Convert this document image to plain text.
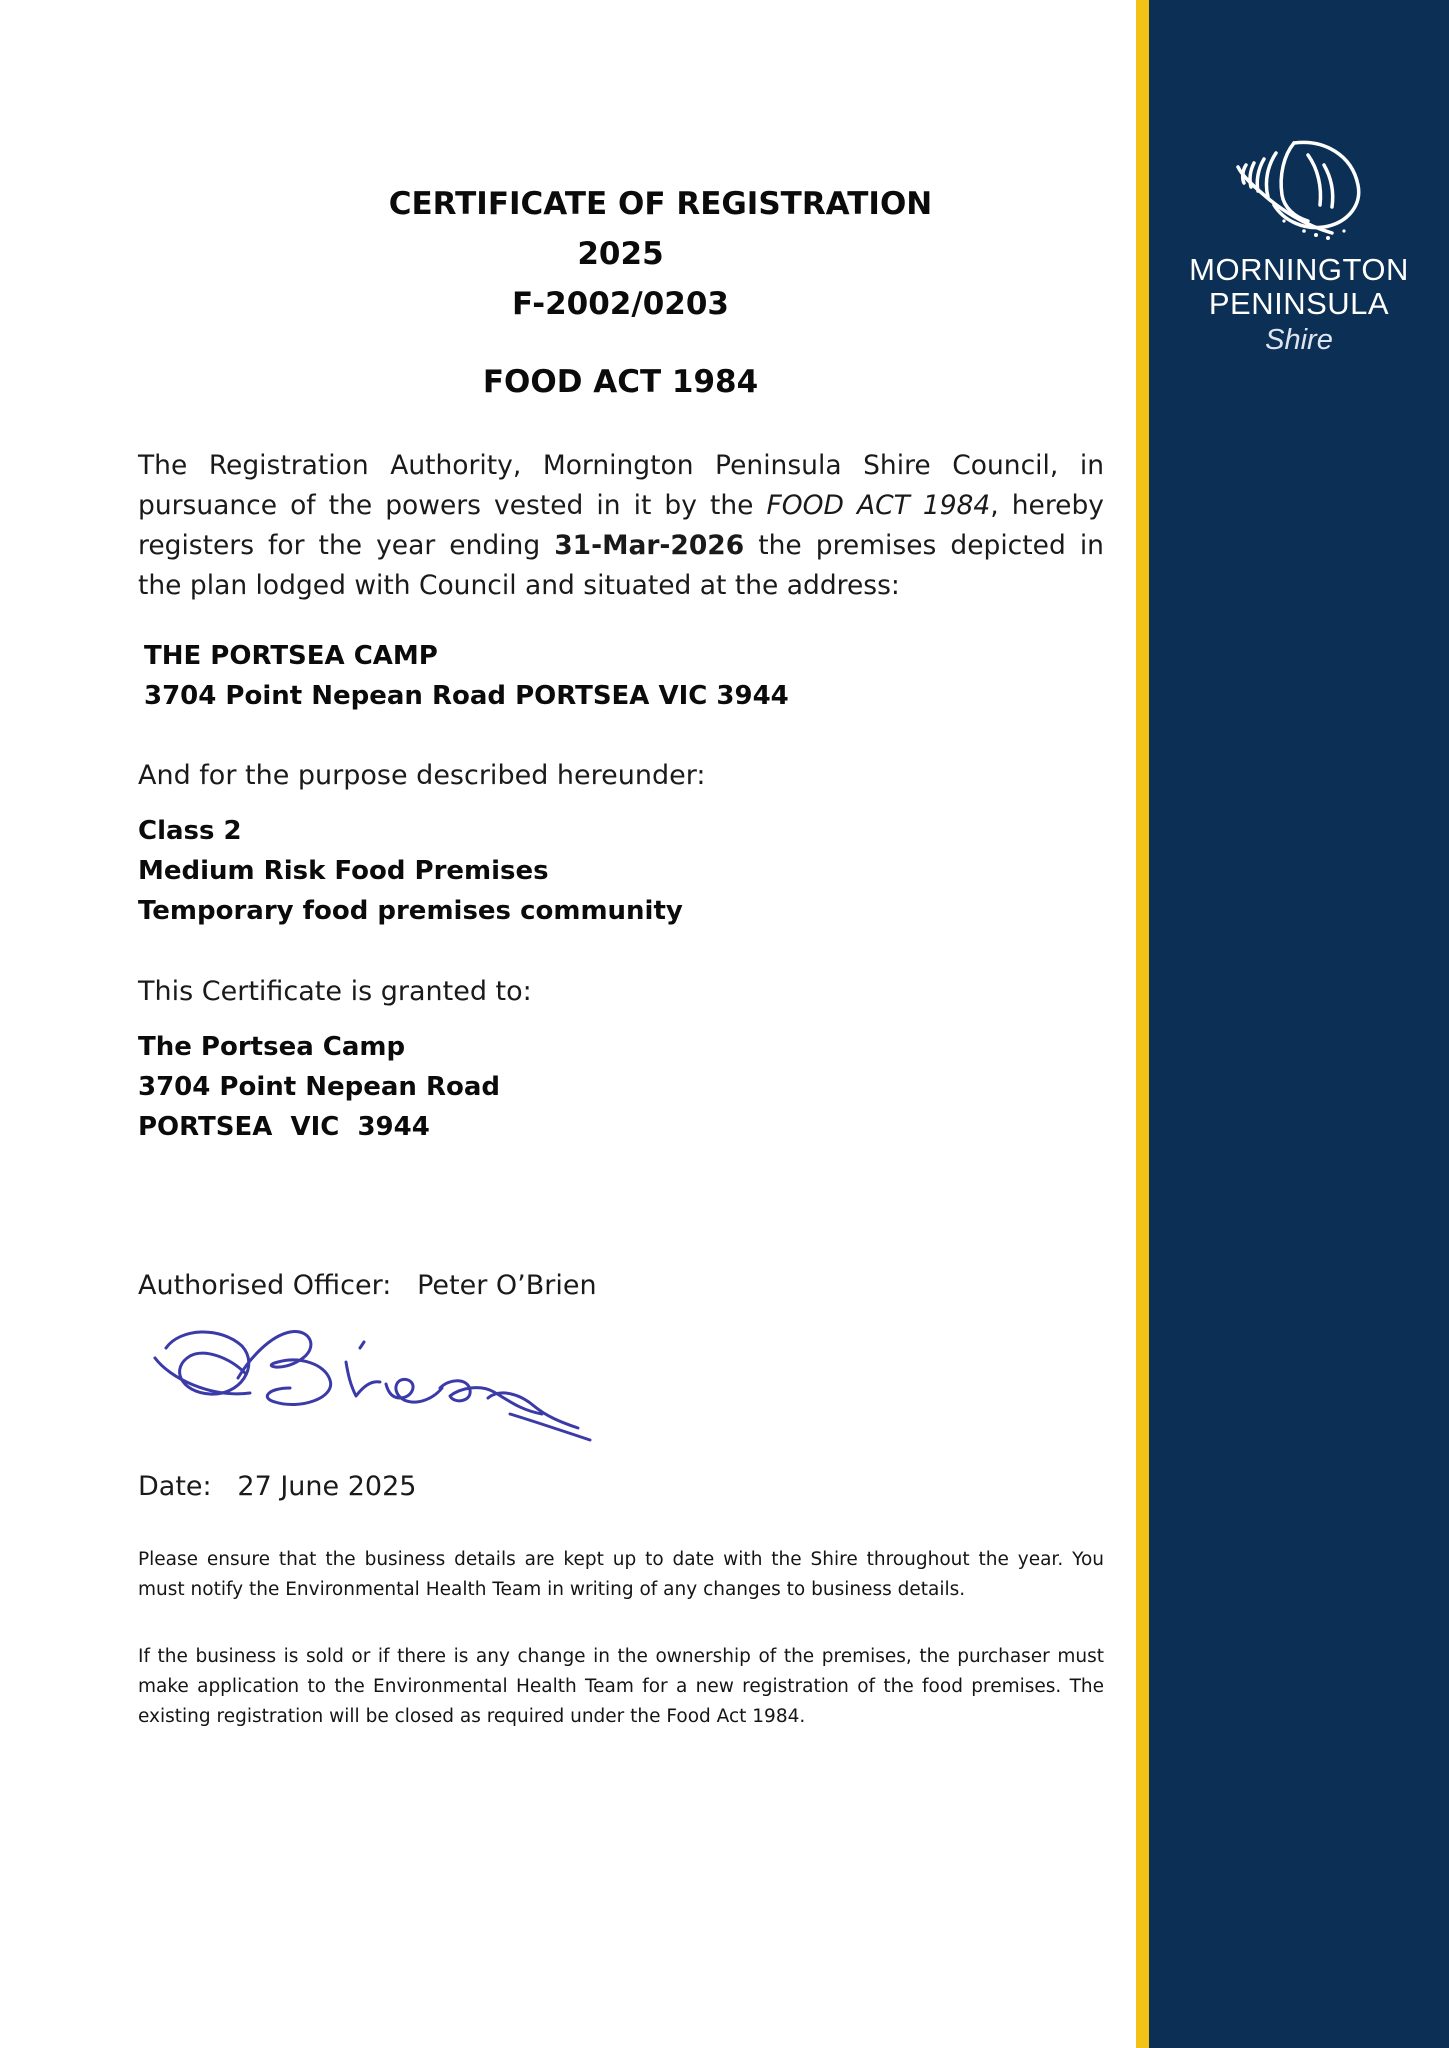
CERTIFICATE OF REGISTRATION
2025
F-2002/0203
FOOD ACT 1984
The Registration Authority, Mornington Peninsula Shire Council, in pursuance of the powers vested in it by the FOOD ACT 1984, hereby registers for the year ending 31-Mar-2026 the premises depicted in the plan lodged with Council and situated at the address:
THE PORTSEA CAMP
3704 Point Nepean Road PORTSEA VIC 3944
And for the purpose described hereunder:
Class 2
Medium Risk Food Premises
Temporary food premises community
This Certificate is granted to:
The Portsea Camp
3704 Point Nepean Road
PORTSEA  VIC  3944
Authorised Officer: Peter O’Brien
Date: 27 June 2025
Please ensure that the business details are kept up to date with the Shire throughout the year. You must notify the Environmental Health Team in writing of any changes to business details.
If the business is sold or if there is any change in the ownership of the premises, the purchaser must make application to the Environmental Health Team for a new registration of the food premises. The existing registration will be closed as required under the Food Act 1984.
MORNINGTON
PENINSULA
Shire
